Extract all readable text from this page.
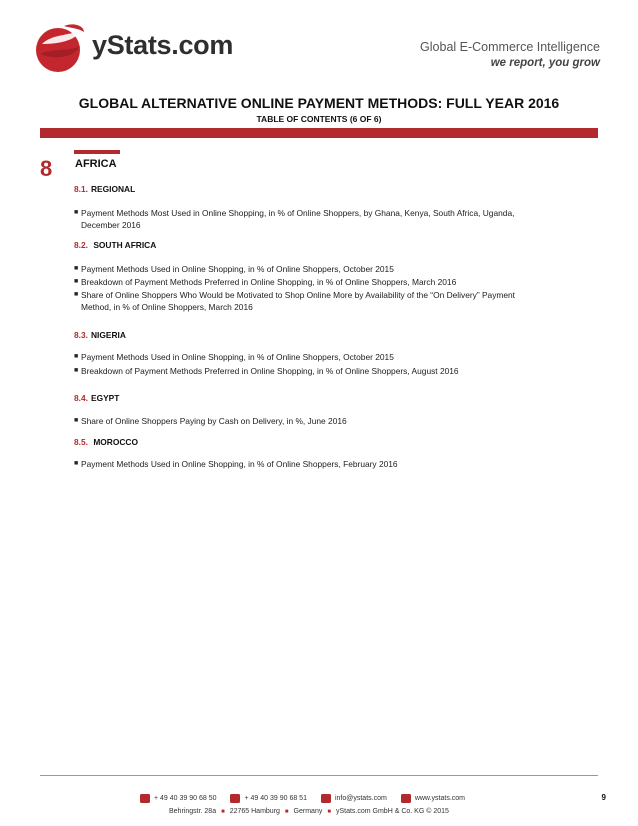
yStats.com	Global E-Commerce Intelligence
we report, you grow
GLOBAL ALTERNATIVE ONLINE PAYMENT METHODS: FULL YEAR 2016
TABLE OF CONTENTS (6 OF 6)
8 AFRICA
8.1. REGIONAL
■ Payment Methods Most Used in Online Shopping, in % of Online Shoppers, by Ghana, Kenya, South Africa, Uganda,
December 2016
8.2. SOUTH AFRICA
■ Payment Methods Used in Online Shopping, in % of Online Shoppers, October 2015
■ Breakdown of Payment Methods Preferred in Online Shopping, in % of Online Shoppers, March 2016
■ Share of Online Shoppers Who Would be Motivated to Shop Online More by Availability of the “On Delivery” Payment
Method, in % of Online Shoppers, March 2016
8.3. NIGERIA
■ Payment Methods Used in Online Shopping, in % of Online Shoppers, October 2015
■ Breakdown of Payment Methods Preferred in Online Shopping, in % of Online Shoppers, August 2016
8.4. EGYPT
■ Share of Online Shoppers Paying by Cash on Delivery, in %, June 2016
8.5. MOROCCO
■ Payment Methods Used in Online Shopping, in % of Online Shoppers, February 2016
+ 49 40 39 90 68 50	+ 49 40 39 90 68 51	info@ystats.com	www.ystats.com
Behringstr. 28a ■ 22765 Hamburg ■ Germany ■ yStats.com GmbH & Co. KG © 2015
9
